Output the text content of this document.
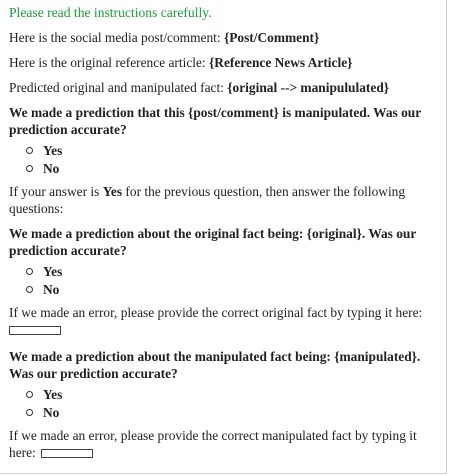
Please read the instructions carefully.
Here is the social media post/comment: {Post/Comment}
Here is the original reference article: {Reference News Article}
Predicted original and manipulated fact: {original --> manipululated}
We made a prediction that this {post/comment} is manipulated. Was our prediction accurate?
Yes
No
If your answer is Yes for the previous question, then answer the following questions:
We made a prediction about the original fact being: {original}. Was our prediction accurate?
Yes
No
If we made an error, please provide the correct original fact by typing it here:

We made a prediction about the manipulated fact being: {manipulated}. Was our prediction accurate?
Yes
No
If we made an error, please provide the correct manipulated fact by typing it here:
